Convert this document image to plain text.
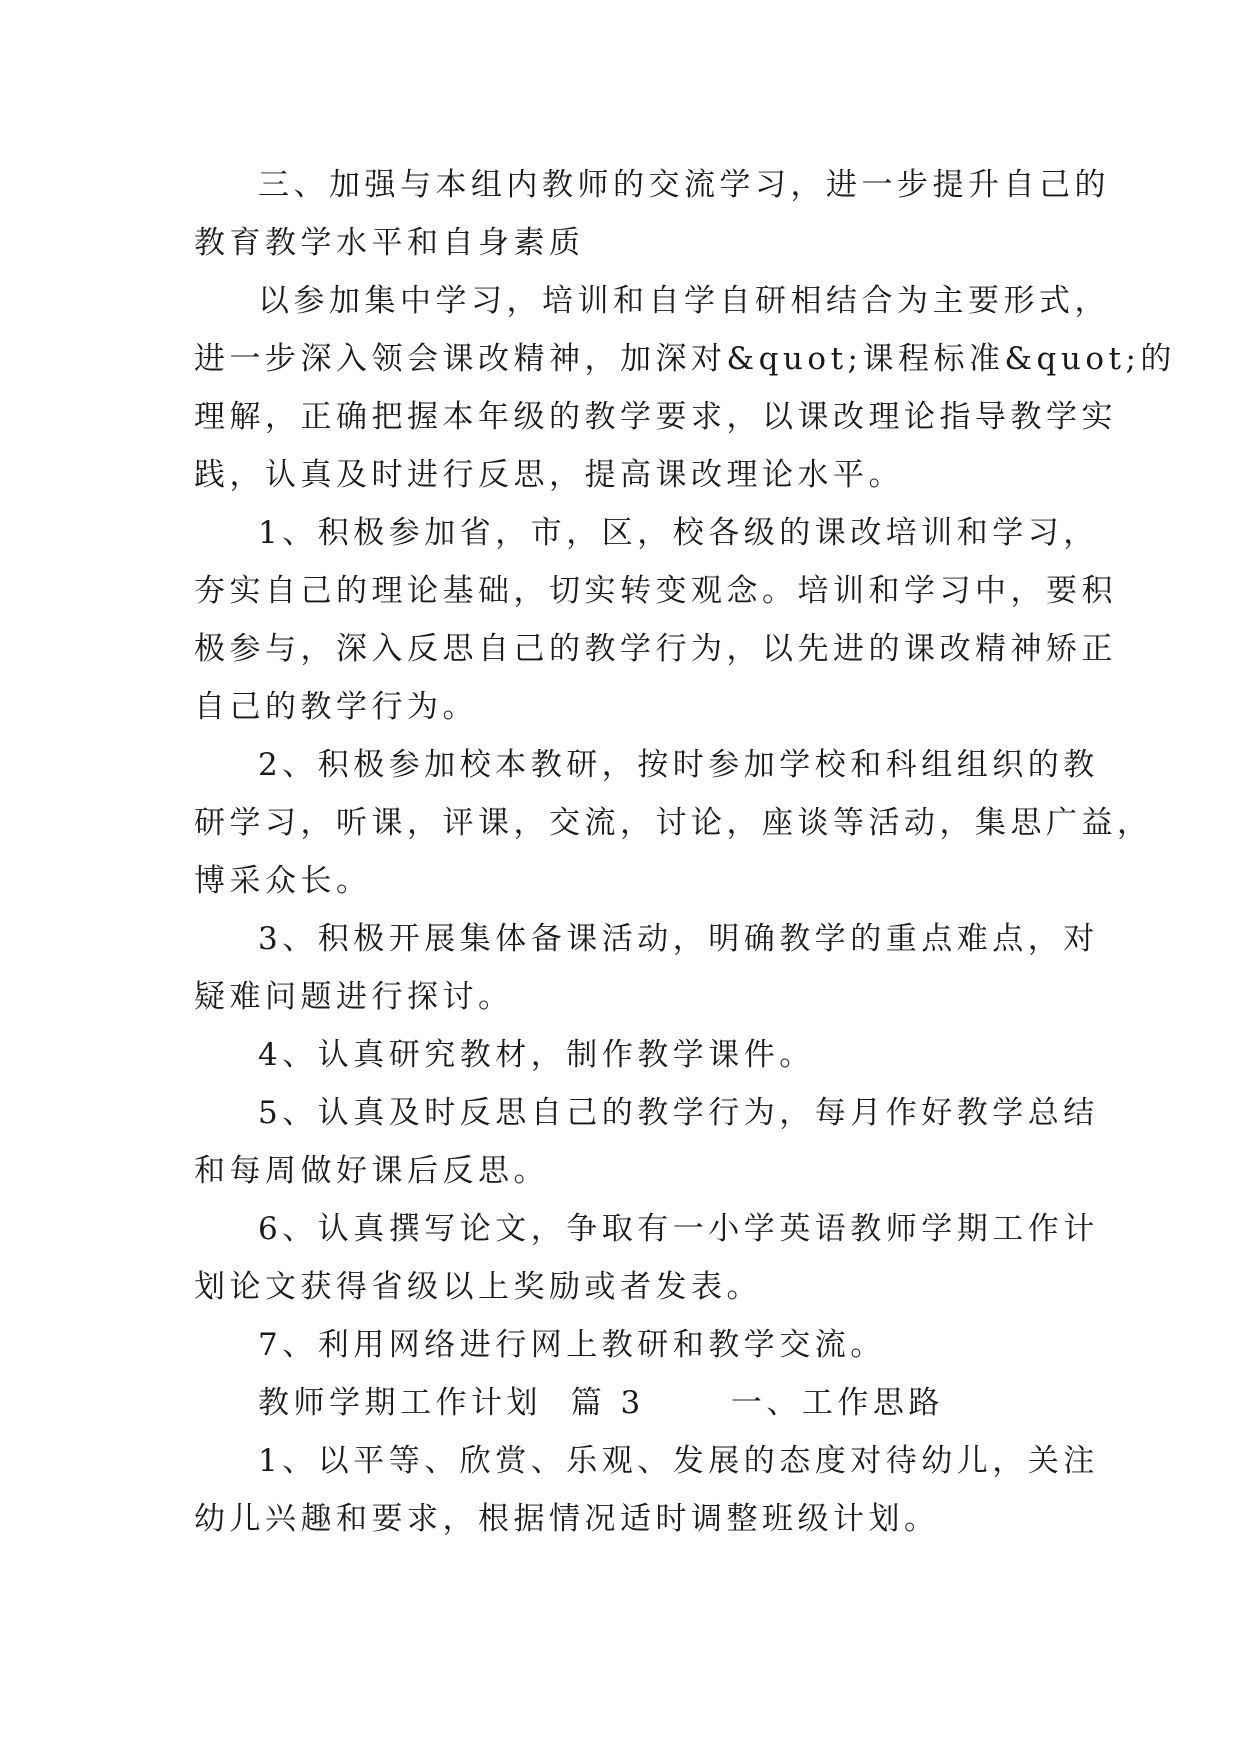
三、加强与本组内教师的交流学习，进一步提升自己的
教育教学水平和自身素质
以参加集中学习，培训和自学自研相结合为主要形式，
进一步深入领会课改精神，加深对&quot;课程标准&quot;的
理解，正确把握本年级的教学要求，以课改理论指导教学实
践，认真及时进行反思，提高课改理论水平。
1、积极参加省，市，区，校各级的课改培训和学习，
夯实自己的理论基础，切实转变观念。培训和学习中，要积
极参与，深入反思自己的教学行为，以先进的课改精神矫正
自己的教学行为。
2、积极参加校本教研，按时参加学校和科组组织的教
研学习，听课，评课，交流，讨论，座谈等活动，集思广益，
博采众长。
3、积极开展集体备课活动，明确教学的重点难点，对
疑难问题进行探讨。
4、认真研究教材，制作教学课件。
5、认真及时反思自己的教学行为，每月作好教学总结
和每周做好课后反思。
6、认真撰写论文，争取有一小学英语教师学期工作计
划论文获得省级以上奖励或者发表。
7、利用网络进行网上教研和教学交流。
教师学期工作计划  篇 3      一、工作思路
1、以平等、欣赏、乐观、发展的态度对待幼儿，关注
幼儿兴趣和要求，根据情况适时调整班级计划。
